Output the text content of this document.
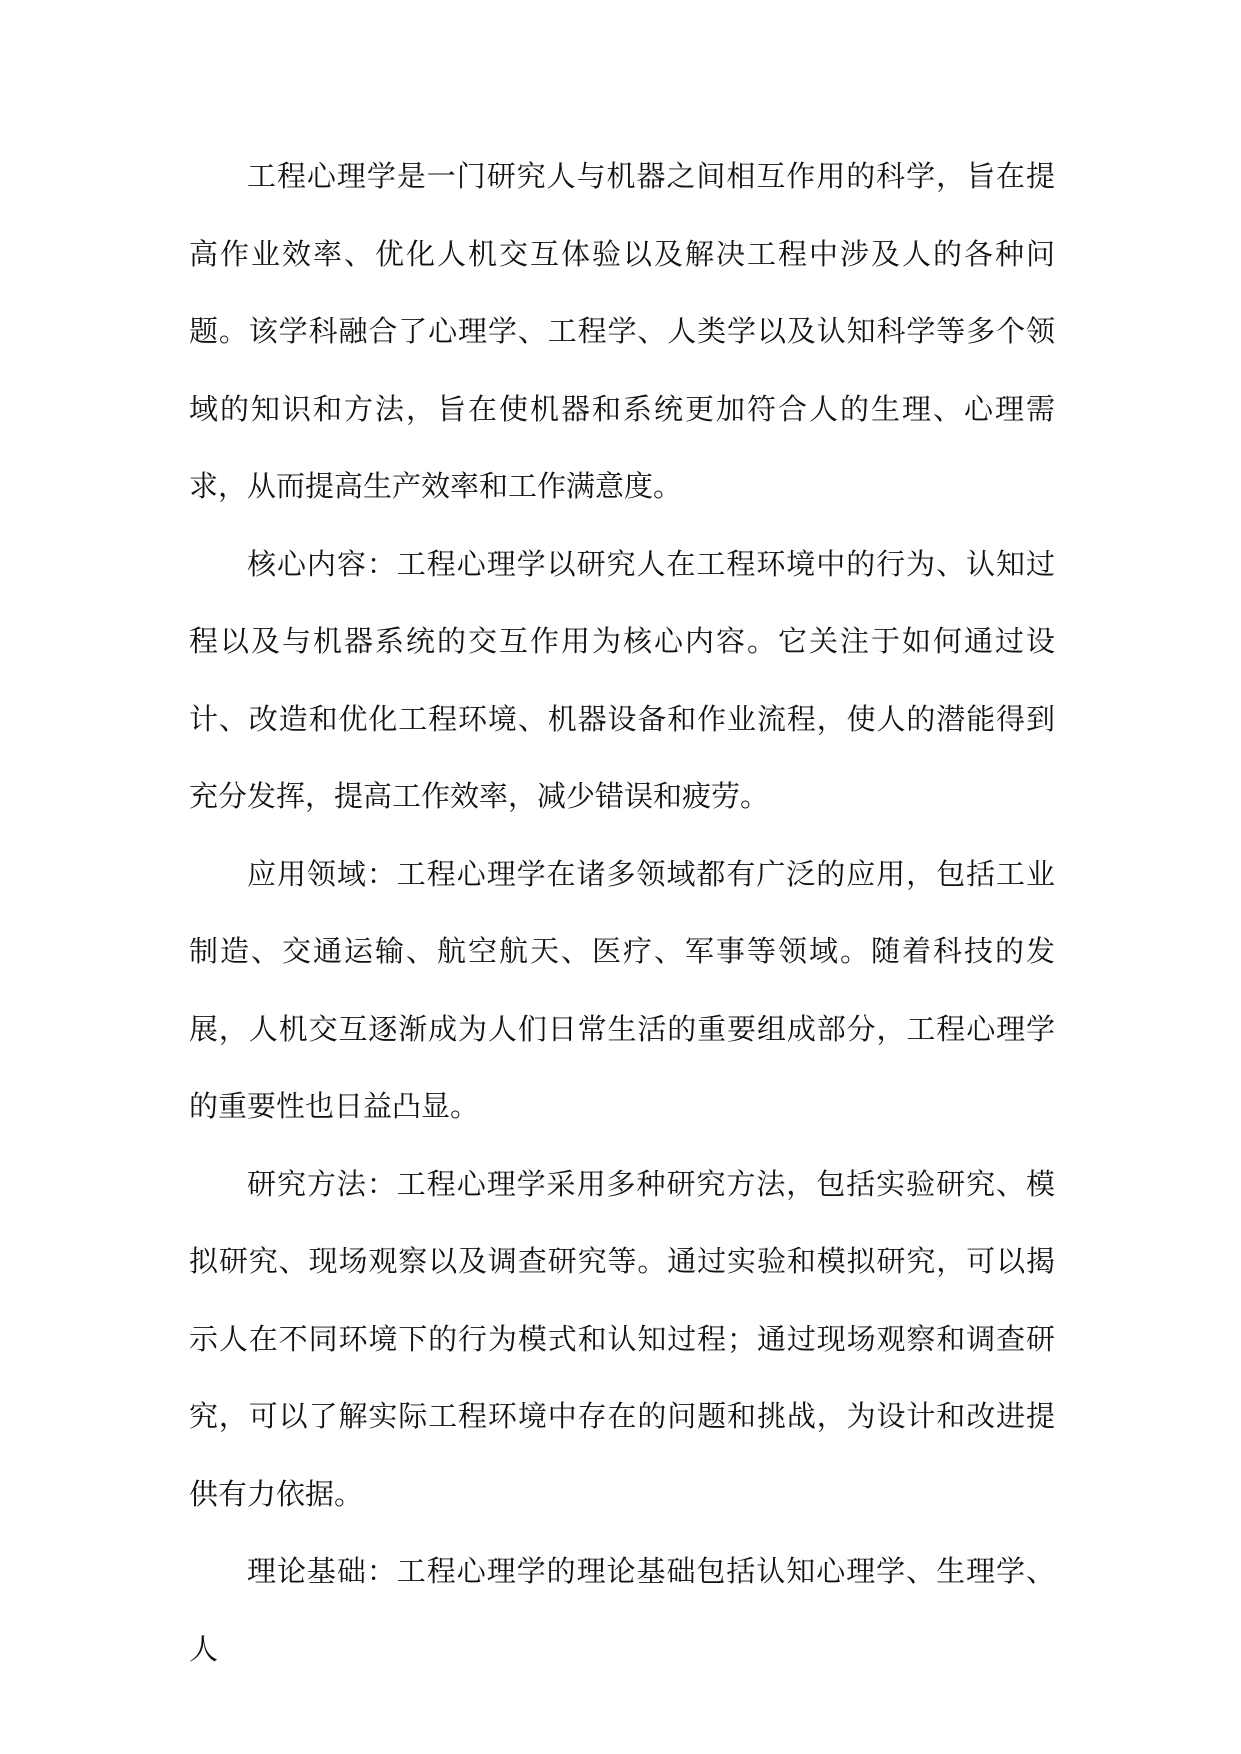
工程心理学是一门研究人与机器之间相互作用的科学，旨在提高作业效率、优化人机交互体验以及解决工程中涉及人的各种问题。该学科融合了心理学、工程学、人类学以及认知科学等多个领域的知识和方法，旨在使机器和系统更加符合人的生理、心理需求，从而提高生产效率和工作满意度。

核心内容：工程心理学以研究人在工程环境中的行为、认知过程以及与机器系统的交互作用为核心内容。它关注于如何通过设计、改造和优化工程环境、机器设备和作业流程，使人的潜能得到充分发挥，提高工作效率，减少错误和疲劳。

应用领域：工程心理学在诸多领域都有广泛的应用，包括工业制造、交通运输、航空航天、医疗、军事等领域。随着科技的发展，人机交互逐渐成为人们日常生活的重要组成部分，工程心理学的重要性也日益凸显。

研究方法：工程心理学采用多种研究方法，包括实验研究、模拟研究、现场观察以及调查研究等。通过实验和模拟研究，可以揭示人在不同环境下的行为模式和认知过程；通过现场观察和调查研究，可以了解实际工程环境中存在的问题和挑战，为设计和改进提供有力依据。

理论基础：工程心理学的理论基础包括认知心理学、生理学、人
